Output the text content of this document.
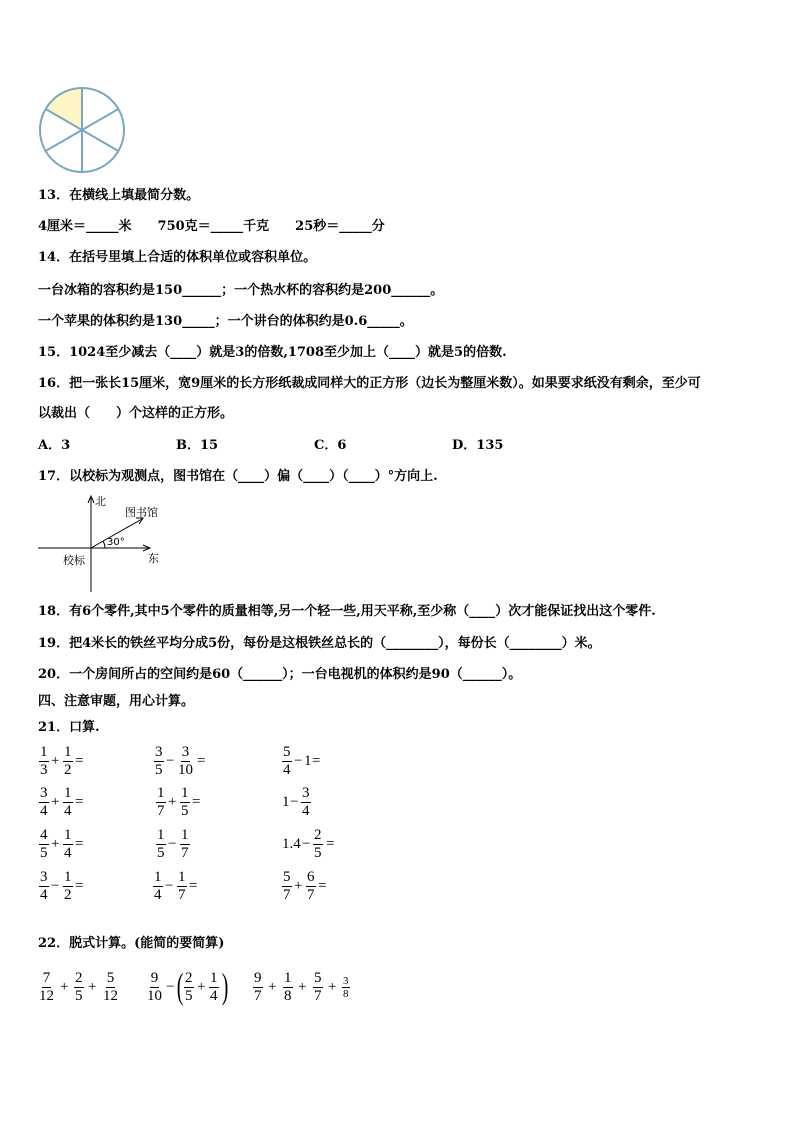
13．在横线上填最简分数。
4厘米＝_____米　　750克＝_____千克　　25秒＝_____分
14．在括号里填上合适的体积单位或容积单位。
一台冰箱的容积约是150______；一个热水杯的容积约是200______。
一个苹果的体积约是130_____；一个讲台的体积约是0.6_____。
15．1024至少减去（____）就是3的倍数,1708至少加上（____）就是5的倍数.
16．把一张长15厘米，宽9厘米的长方形纸裁成同样大的正方形（边长为整厘米数）。如果要求纸没有剩余，至少可
以裁出（　　）个这样的正方形。
A．3	B．15	C．6	D．135
17．以校标为观测点，图书馆在（____）偏（____）（____）°方向上.
北
图书馆
30°
校标	东
18．有6个零件,其中5个零件的质量相等,另一个轻一些,用天平称,至少称（____）次才能保证找出这个零件.
19．把4米长的铁丝平均分成5份，每份是这根铁丝总长的（________），每份长（________）米。
20．一个房间所占的空间约是60（______）；一台电视机的体积约是90（______）。
四、注意审题，用心计算。
21．口算.
$\frac{1}{3} + \frac{1}{2}$ =	$\frac{3}{5} - \frac{3}{10}$ =	$\frac{5}{4} - 1$ =
$\frac{3}{4} + \frac{1}{4}$ =	$\frac{1}{7} + \frac{1}{5}$ =	$1 - \frac{3}{4}$
$\frac{4}{5} + \frac{1}{4}$ =	$\frac{1}{5} - \frac{1}{7}$	$1.4 - \frac{2}{5}$ =
$\frac{3}{4} - \frac{1}{2}$ =	$\frac{1}{4} - \frac{1}{7}$ =	$\frac{5}{7} + \frac{6}{7}$ =
22．脱式计算。(能简的要简算)
$\frac{7}{12} + \frac{2}{5} + \frac{5}{12} \frac{9}{10}$ − ( $\frac{2}{5} + \frac{1}{4}$ ) $\frac{9}{7} + \frac{1}{8} + \frac{5}{7} + \frac{3}{8}$
